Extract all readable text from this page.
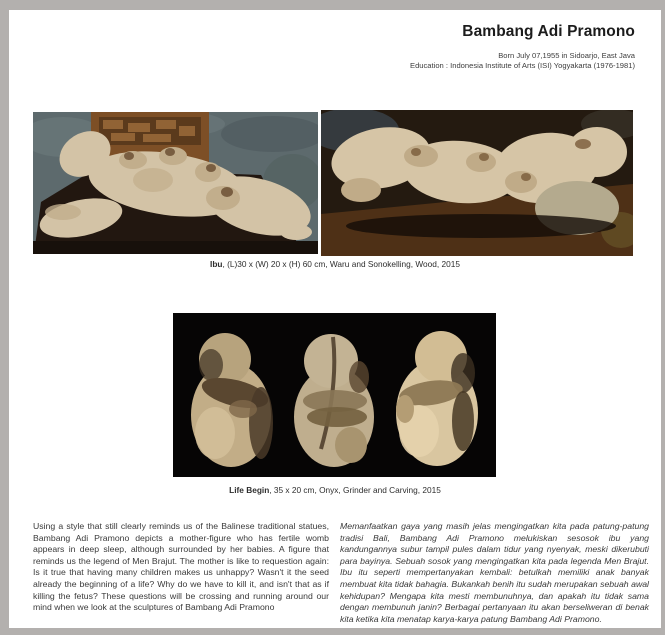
Bambang Adi Pramono
Born July 07,1955 in Sidoarjo, East Java
Education : Indonesia Institute of Arts (ISI) Yogyakarta (1976-1981)

Ibu, (L)30 x (W) 20 x (H) 60 cm, Waru and Sonokelling, Wood, 2015

Life Begin, 35 x 20 cm, Onyx, Grinder and Carving, 2015

Using a style that still clearly reminds us of the Balinese traditional statues, Bambang Adi Pramono depicts a mother-figure who has fertile womb appears in deep sleep, although surrounded by her babies. A figure that reminds us the legend of Men Brajut. The mother is like to requestion again: Is it true that having many children makes us unhappy? Wasn't it the seed already the beginning of a life? Why do we have to kill it, and isn't that as if killing the fetus? These questions will be crossing and running around our mind when we look at the sculptures of Bambang Adi Pramono

Memanfaatkan gaya yang masih jelas mengingatkan kita pada patung-patung tradisi Bali, Bambang Adi Pramono melukiskan sesosok ibu yang kandungannya subur tampil pules dalam tidur yang nyenyak, meski dikerubuti para bayinya. Sebuah sosok yang mengingatkan kita pada legenda Men Brajut. Ibu itu seperti mempertanyakan kembali: betulkah memiliki anak banyak membuat kita tidak bahagia. Bukankah benih itu sudah merupakan sebuah awal kehidupan? Mengapa kita mesti membunuhnya, dan apakah itu tidak sama dengan membunuh janin? Berbagai pertanyaan itu akan berseliweran di benak kita ketika kita menatap karya-karya patung Bambang Adi Pramono.
